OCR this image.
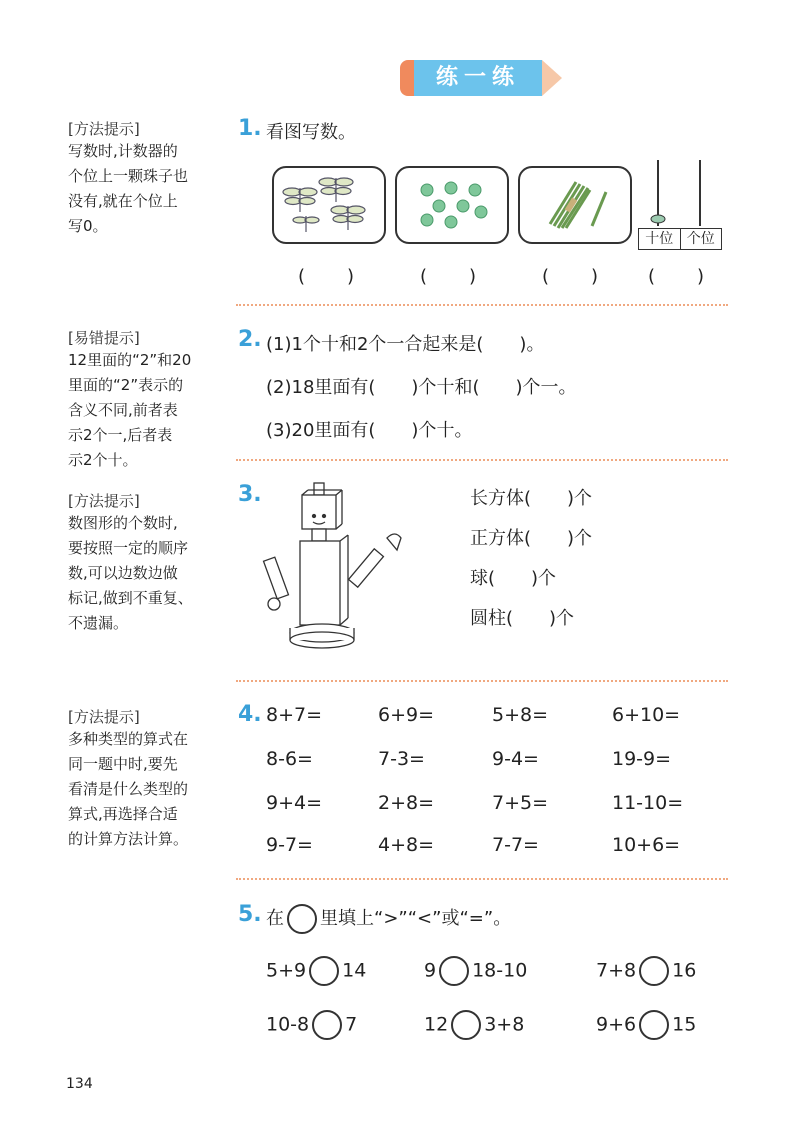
练一练
[方法提示]
写数时,计数器的
个位上一颗珠子也
没有,就在个位上
写0。
[易错提示]
12里面的“2”和20
里面的“2”表示的
含义不同,前者表
示2个一,后者表
示2个十。
[方法提示]
数图形的个数时,
要按照一定的顺序
数,可以边数边做
标记,做到不重复、
不遗漏。
[方法提示]
多种类型的算式在
同一题中时,要先
看清是什么类型的
算式,再选择合适
的计算方法计算。
1. 看图写数。
十位 个位
(　　)	(　　)	(　　)	(　　)
2. (1)1个十和2个一合起来是(　　)。
(2)18里面有(　　)个十和(　　)个一。
(3)20里面有(　　)个十。
3.	长方体(　　)个
正方体(　　)个
球(　　)个
圆柱(　　)个
4. 8+7=	6+9=	5+8=	6+10=
8-6=	7-3=	9-4=	19-9=
9+4=	2+8=	7+5=	11-10=
9-7=	4+8=	7-7=	10+6=
5. 在 里填上“>”“<”或“=”。
5+9 14	9 18-10	7+8 16
10-8 7	12 3+8	9+6 15
134
